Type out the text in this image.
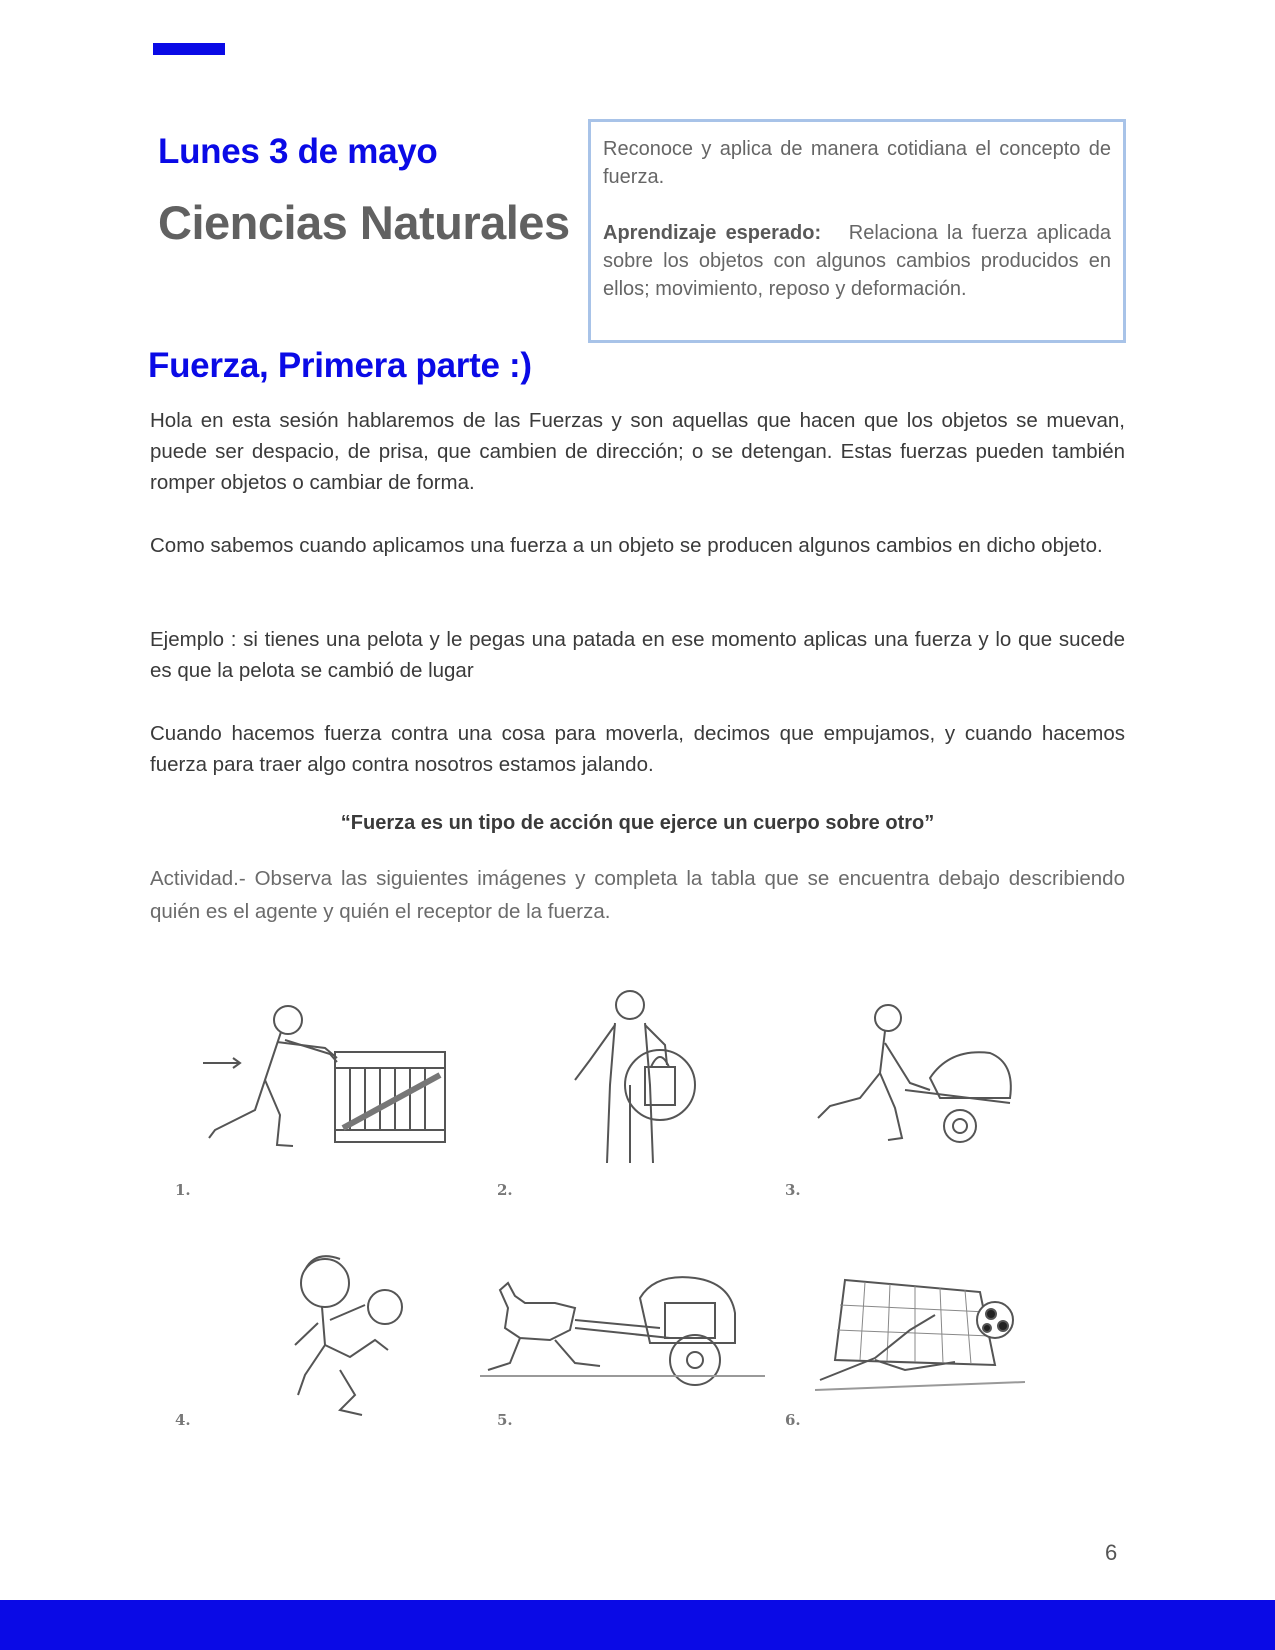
Lunes 3 de mayo
Ciencias Naturales

Reconoce y aplica de manera cotidiana el concepto de fuerza.

Aprendizaje esperado: Relaciona la fuerza aplicada sobre los objetos con algunos cambios producidos en ellos; movimiento, reposo y deformación.

Fuerza, Primera parte :)

Hola en esta sesión hablaremos de las Fuerzas y son aquellas que hacen que los objetos se muevan, puede ser despacio, de prisa, que cambien de dirección; o se detengan. Estas fuerzas pueden también romper objetos o cambiar de forma.

Como sabemos cuando aplicamos una fuerza a un objeto se producen algunos cambios en dicho objeto.

Ejemplo : si tienes una pelota y le pegas una patada en ese momento aplicas una fuerza y lo que sucede es que la pelota se cambió de lugar

Cuando hacemos fuerza contra una cosa para moverla, decimos que empujamos, y cuando hacemos fuerza para traer algo contra nosotros estamos jalando.

“Fuerza es un tipo de acción que ejerce un cuerpo sobre otro”

Actividad.- Observa las siguientes imágenes y completa la tabla que se encuentra debajo describiendo quién es el agente y quién el receptor de la fuerza.

1.	2.	3.
4.	5.	6.
6
